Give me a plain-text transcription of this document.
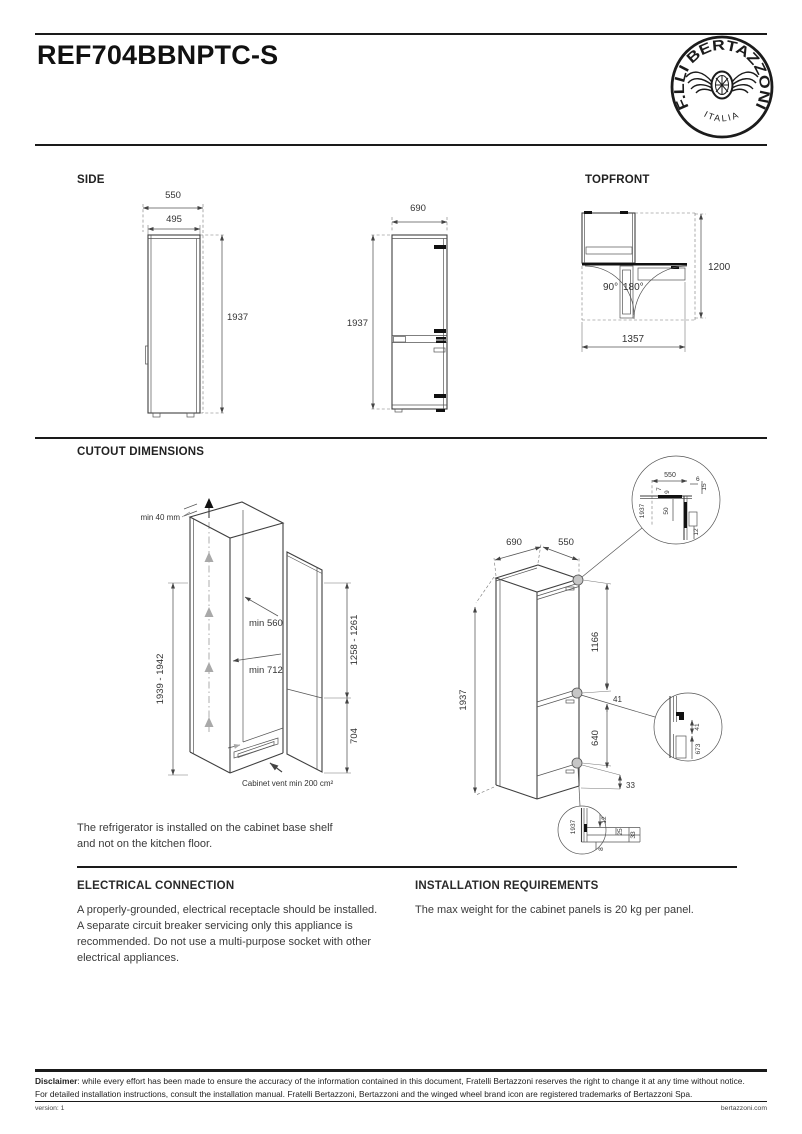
REF704BBNPTC-S
F.LLI BERTAZZONI
ITALIA
SIDE	TOPFRONT
550
495
1937
690
1937
90° 180°
1200
1357
CUTOUT DIMENSIONS
min 40 mm
1939 - 1942
min 560
min 712
1258 - 1261
704
Cabinet vent min 200 cm²
690	550
1937
1166
41
640
33
1937
550
7
9
6
15
50
12
41
673
1937	12
25 33
8
The refrigerator is installed on the cabinet base shelf
and not on the kitchen floor.
ELECTRICAL CONNECTION
A properly-grounded, electrical receptacle should be installed. A separate circuit breaker servicing only this appliance is recommended. Do not use a multi-purpose socket with other electrical appliances.
INSTALLATION REQUIREMENTS
The max weight for the cabinet panels is 20 kg per panel.
Disclaimer: while every effort has been made to ensure the accuracy of the information contained in this document, Fratelli Bertazzoni reserves the right to change it at any time without notice.
For detailed installation instructions, consult the installation manual. Fratelli Bertazzoni, Bertazzoni and the winged wheel brand icon are registered trademarks of Bertazzoni Spa.
version: 1	bertazzoni.com
